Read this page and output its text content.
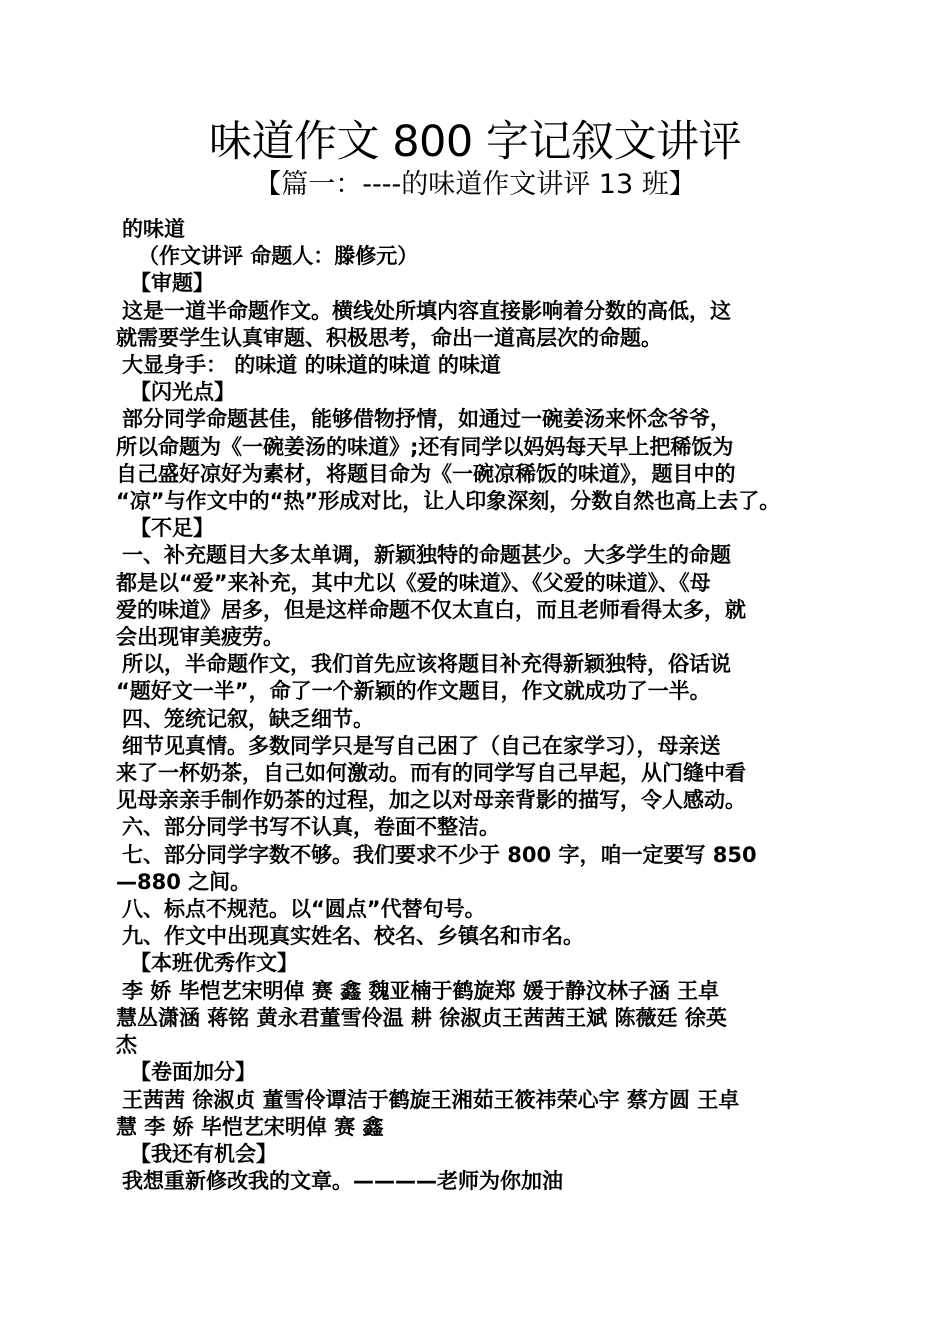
味道作文 800 字记叙文讲评
【篇一：----的味道作文讲评 13 班】

的味道

（作文讲评 命题人：滕修元）

【审题】

这是一道半命题作文。横线处所填内容直接影响着分数的高低，这

就需要学生认真审题、积极思考，命出一道高层次的命题。

大显身手： 的味道 的味道的味道 的味道

【闪光点】

部分同学命题甚佳，能够借物抒情，如通过一碗姜汤来怀念爷爷，

所以命题为《一碗姜汤的味道》;还有同学以妈妈每天早上把稀饭为

自己盛好凉好为素材，将题目命为《一碗凉稀饭的味道》，题目中的

“凉”与作文中的“热”形成对比，让人印象深刻，分数自然也高上去了。

【不足】

一、补充题目大多太单调，新颖独特的命题甚少。大多学生的命题

都是以“爱”来补充，其中尤以《爱的味道》、《父爱的味道》、《母

爱的味道》居多，但是这样命题不仅太直白，而且老师看得太多，就

会出现审美疲劳。

所以，半命题作文，我们首先应该将题目补充得新颖独特，俗话说

“题好文一半”，命了一个新颖的作文题目，作文就成功了一半。

四、笼统记叙，缺乏细节。

细节见真情。多数同学只是写自己困了（自己在家学习），母亲送

来了一杯奶茶，自己如何激动。而有的同学写自己早起，从门缝中看

见母亲亲手制作奶茶的过程，加之以对母亲背影的描写，令人感动。

六、部分同学书写不认真，卷面不整洁。

七、部分同学字数不够。我们要求不少于 800 字，咱一定要写 850

—880 之间。

八、标点不规范。以“圆点”代替句号。

九、作文中出现真实姓名、校名、乡镇名和市名。

【本班优秀作文】

李 娇 毕恺艺宋明倬 赛 鑫 魏亚楠于鹤旋郑 媛于静汶林子涵 王卓

慧丛潇涵 蒋铭 黄永君董雪伶温 耕 徐淑贞王茜茜王斌 陈薇廷 徐英

杰

【卷面加分】

王茜茜 徐淑贞 董雪伶谭洁于鹤旋王湘茹王筱祎荣心宇 蔡方圆 王卓

慧 李 娇 毕恺艺宋明倬 赛 鑫

【我还有机会】

我想重新修改我的文章。————老师为你加油
